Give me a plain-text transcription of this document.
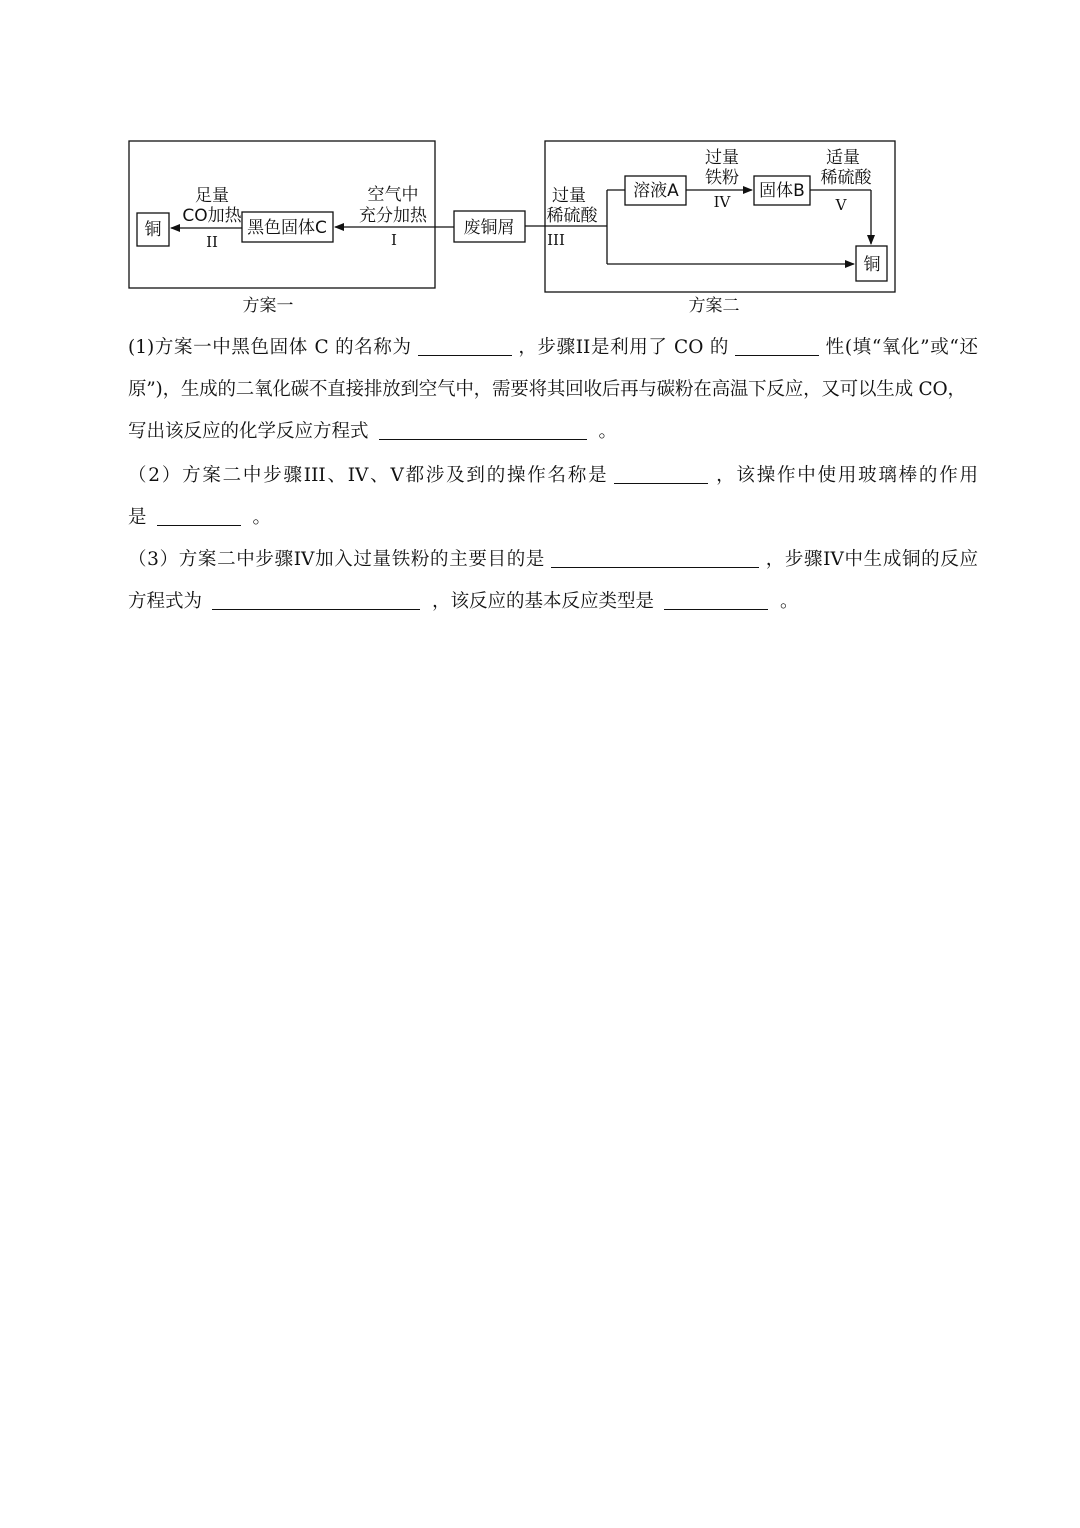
铜	黑色固体C	废铜屑
空气中
充分加热
I
足量
CO加热
II
方案一
溶液A	固体B
铜
过量
稀硫酸
III
过量
铁粉
IV
适量
稀硫酸
V
方案二
(1)方案一中黑色固体 C 的名称为	，步骤II是利用了 CO 的	性(填“氧化”或“还
原”)，生成的二氧化碳不直接排放到空气中，需要将其回收后再与碳粉在高温下反应，又可以生成 CO，
写出该反应的化学反应方程式	。
（2）方案二中步骤III、IV、V都涉及到的操作名称是	，该操作中使用玻璃棒的作用
是	。
（3）方案二中步骤IV加入过量铁粉的主要目的是	，步骤IV中生成铜的反应
方程式为	，该反应的基本反应类型是	。
